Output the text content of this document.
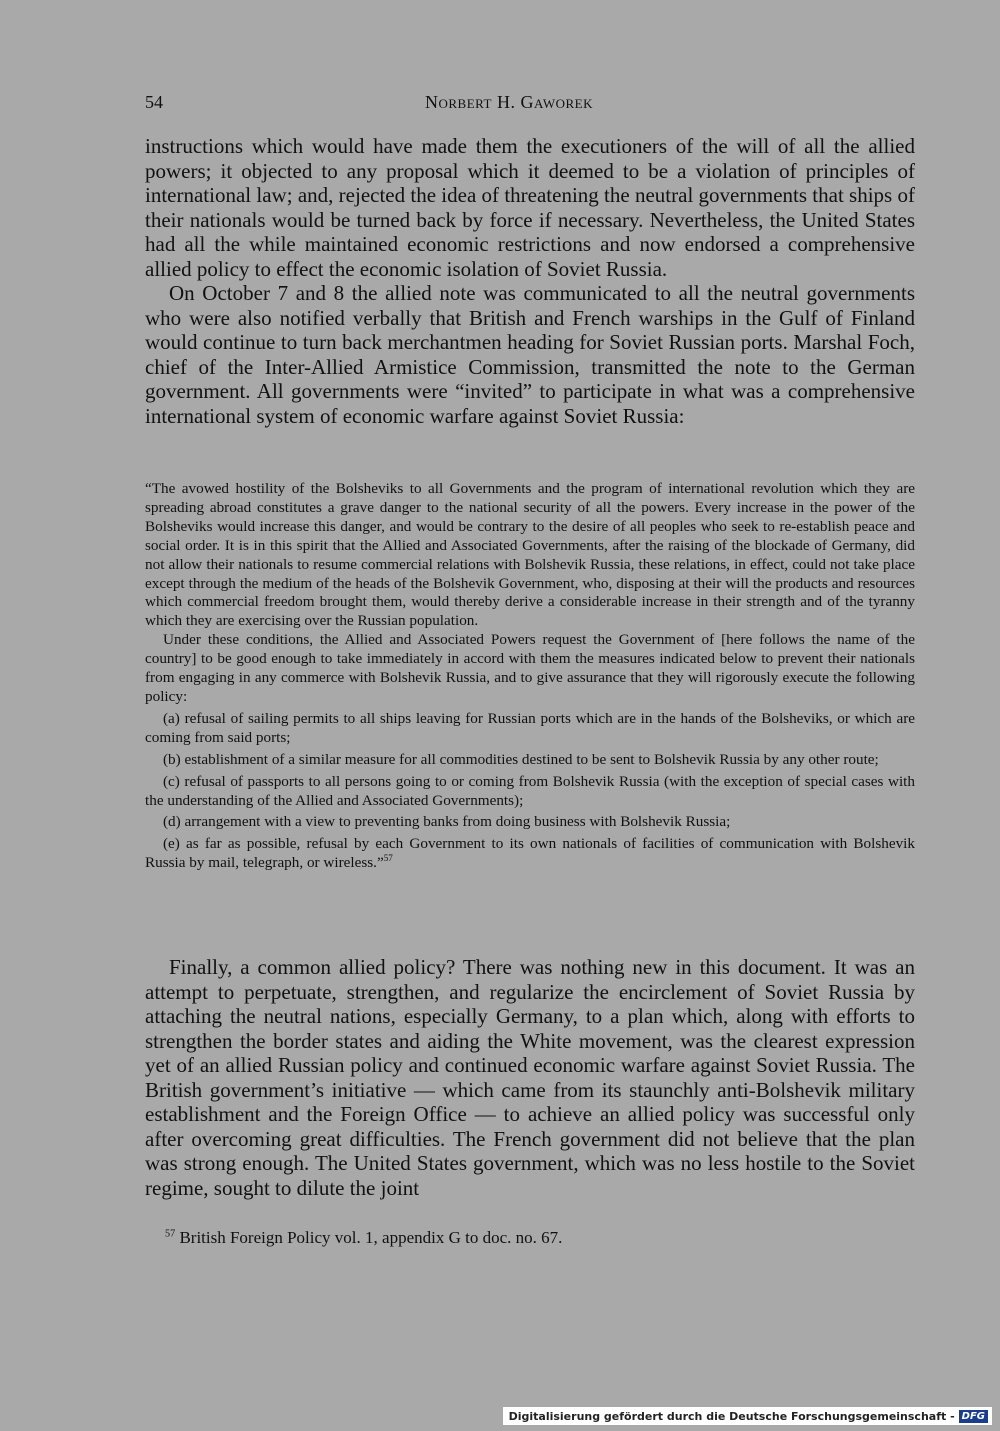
54	Norbert H. Gaworek

instructions which would have made them the executioners of the will of all the allied powers; it objected to any proposal which it deemed to be a violation of principles of international law; and, rejected the idea of threatening the neutral governments that ships of their nationals would be turned back by force if necessary. Nevertheless, the United States had all the while maintained economic restrictions and now endorsed a comprehensive allied policy to effect the economic isolation of Soviet Russia.

On October 7 and 8 the allied note was communicated to all the neutral governments who were also notified verbally that British and French warships in the Gulf of Finland would continue to turn back merchantmen heading for Soviet Russian ports. Marshal Foch, chief of the Inter-Allied Armistice Commission, transmitted the note to the German government. All governments were “invited” to participate in what was a comprehensive international system of economic warfare against Soviet Russia:

“The avowed hostility of the Bolsheviks to all Governments and the program of international revolution which they are spreading abroad constitutes a grave danger to the national security of all the powers. Every increase in the power of the Bolsheviks would increase this danger, and would be contrary to the desire of all peoples who seek to re-establish peace and social order. It is in this spirit that the Allied and Associated Governments, after the raising of the blockade of Germany, did not allow their nationals to resume commercial relations with Bolshevik Russia, these relations, in effect, could not take place except through the medium of the heads of the Bolshevik Government, who, disposing at their will the products and resources which commercial freedom brought them, would thereby derive a considerable increase in their strength and of the tyranny which they are exercising over the Russian population.

Under these conditions, the Allied and Associated Powers request the Government of [here follows the name of the country] to be good enough to take immediately in accord with them the measures indicated below to prevent their nationals from engaging in any commerce with Bolshevik Russia, and to give assurance that they will rigorously execute the following policy:

(a) refusal of sailing permits to all ships leaving for Russian ports which are in the hands of the Bolsheviks, or which are coming from said ports;

(b) establishment of a similar measure for all commodities destined to be sent to Bolshevik Russia by any other route;

(c) refusal of passports to all persons going to or coming from Bolshevik Russia (with the exception of special cases with the understanding of the Allied and Associated Governments);

(d) arrangement with a view to preventing banks from doing business with Bolshevik Russia;

(e) as far as possible, refusal by each Government to its own nationals of facilities of communication with Bolshevik Russia by mail, telegraph, or wireless.”$^{57}$

Finally, a common allied policy? There was nothing new in this document. It was an attempt to perpetuate, strengthen, and regularize the encirclement of Soviet Russia by attaching the neutral nations, especially Germany, to a plan which, along with efforts to strengthen the border states and aiding the White movement, was the clearest expression yet of an allied Russian policy and continued economic warfare against Soviet Russia. The British government’s initiative — which came from its staunchly anti-Bolshevik military establishment and the Foreign Office — to achieve an allied policy was successful only after overcoming great difficulties. The French government did not believe that the plan was strong enough. The United States government, which was no less hostile to the Soviet regime, sought to dilute the joint

$^{57}$ British Foreign Policy vol. 1, appendix G to doc. no. 67.
Digitalisierung gefördert durch die Deutsche Forschungsgemeinschaft - DFG
